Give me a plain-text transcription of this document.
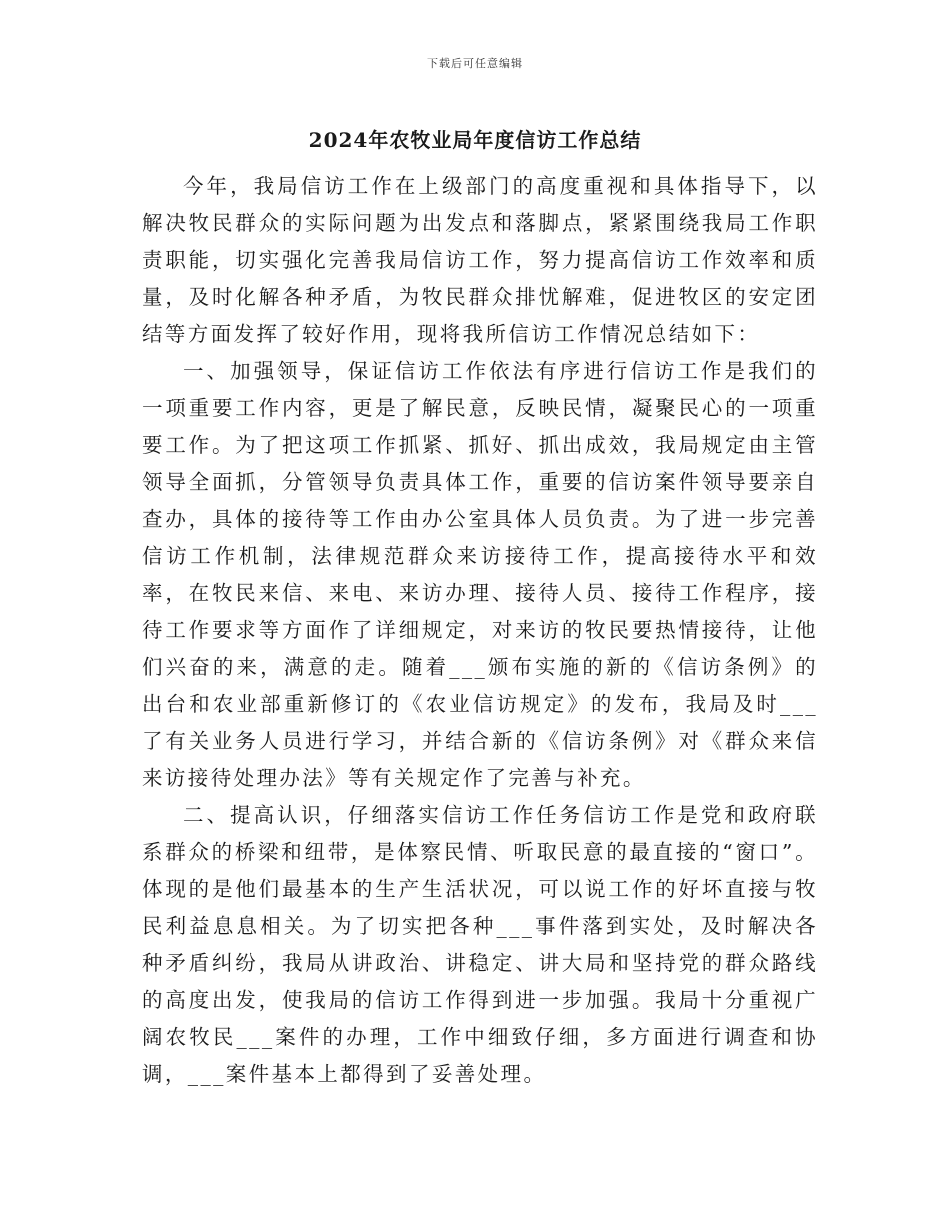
下载后可任意编辑
2024年农牧业局年度信访工作总结

今年，我局信访工作在上级部门的高度重视和具体指导下，以解决牧民群众的实际问题为出发点和落脚点，紧紧围绕我局工作职责职能，切实强化完善我局信访工作，努力提高信访工作效率和质量，及时化解各种矛盾，为牧民群众排忧解难，促进牧区的安定团结等方面发挥了较好作用，现将我所信访工作情况总结如下：

一、加强领导，保证信访工作依法有序进行信访工作是我们的一项重要工作内容，更是了解民意，反映民情，凝聚民心的一项重要工作。为了把这项工作抓紧、抓好、抓出成效，我局规定由主管领导全面抓，分管领导负责具体工作，重要的信访案件领导要亲自查办，具体的接待等工作由办公室具体人员负责。为了进一步完善信访工作机制，法律规范群众来访接待工作，提高接待水平和效率，在牧民来信、来电、来访办理、接待人员、接待工作程序，接待工作要求等方面作了详细规定，对来访的牧民要热情接待，让他们兴奋的来，满意的走。随着___颁布实施的新的《信访条例》的出台和农业部重新修订的《农业信访规定》的发布，我局及时___了有关业务人员进行学习，并结合新的《信访条例》对《群众来信来访接待处理办法》等有关规定作了完善与补充。

二、提高认识，仔细落实信访工作任务信访工作是党和政府联系群众的桥梁和纽带，是体察民情、听取民意的最直接的“窗口”。体现的是他们最基本的生产生活状况，可以说工作的好坏直接与牧民利益息息相关。为了切实把各种___事件落到实处，及时解决各种矛盾纠纷，我局从讲政治、讲稳定、讲大局和坚持党的群众路线的高度出发，使我局的信访工作得到进一步加强。我局十分重视广阔农牧民___案件的办理，工作中细致仔细，多方面进行调查和协调，___案件基本上都得到了妥善处理。
